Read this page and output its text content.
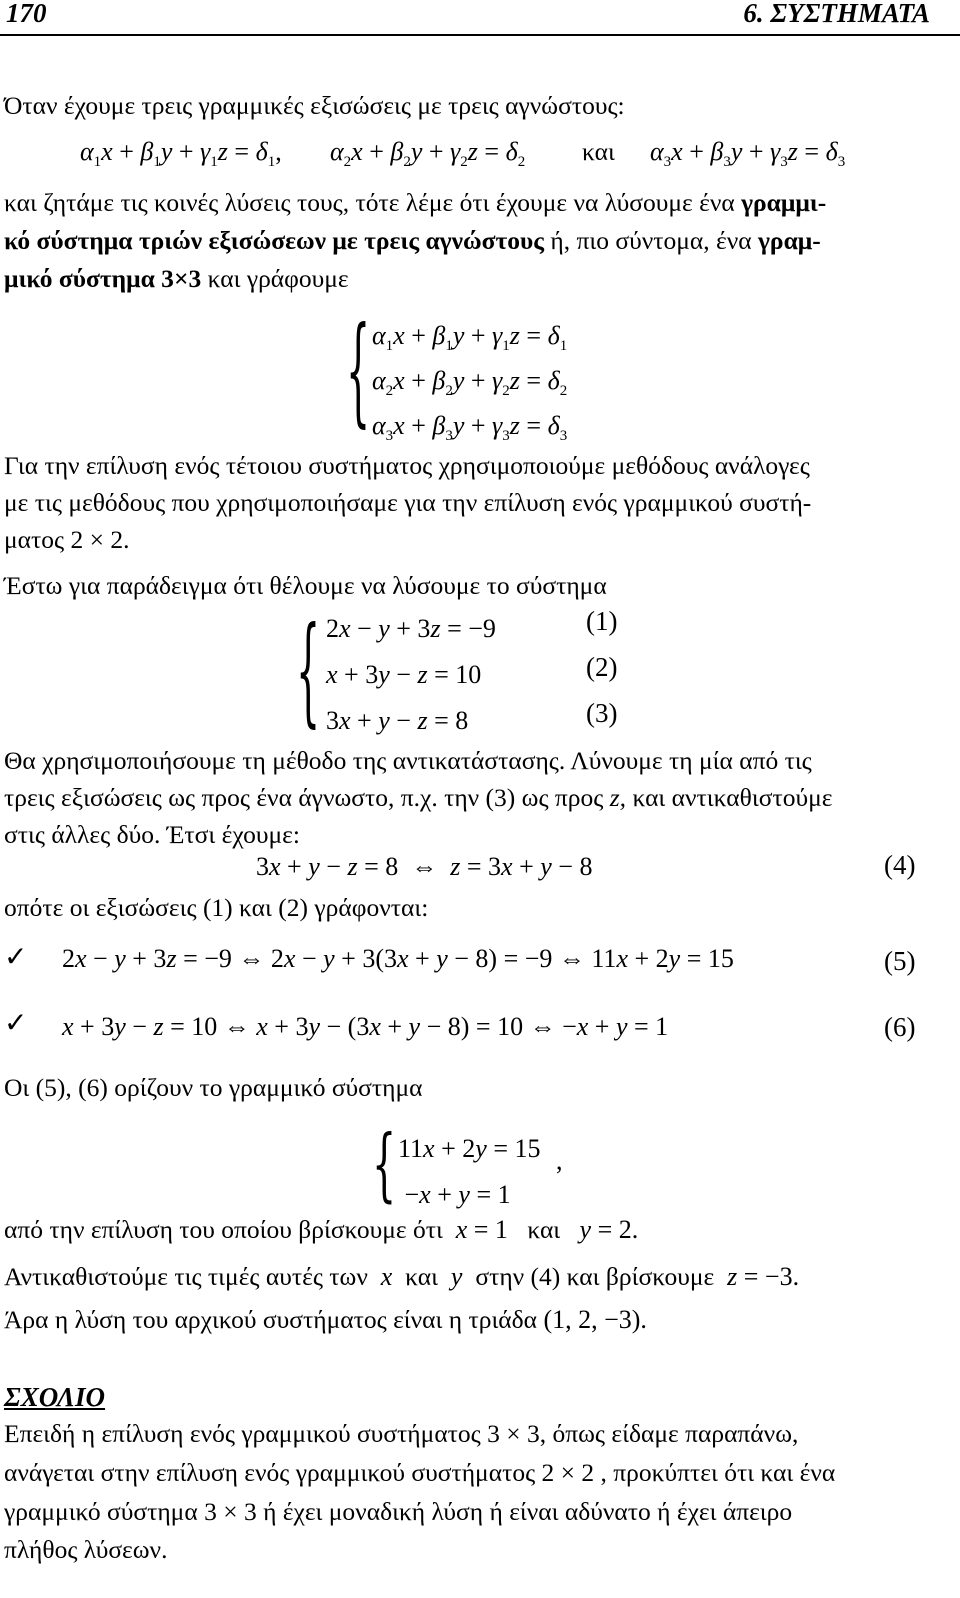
170	6. ΣΥΣΤΗΜΑΤΑ
Όταν έχουμε τρεις γραμμικές εξισώσεις με τρεις αγνώστους:
$\alpha_1x + \beta_1y + \gamma_1z = \delta_1$, $\alpha_2x + \beta_2y + \gamma_2z = \delta_2$ και $\alpha_3x + \beta_3y + \gamma_3z = \delta_3$
και ζητάμε τις κοινές λύσεις τους, τότε λέμε ότι έχουμε να λύσουμε ένα γραμμι-
κό σύστημα τριών εξισώσεων με τρεις αγνώστους ή, πιο σύντομα, ένα γραμ-
μικό σύστημα 3×3 και γράφουμε
{ $\alpha_1x + \beta_1y + \gamma_1z = \delta_1$
$\alpha_2x + \beta_2y + \gamma_2z = \delta_2$
$\alpha_3x + \beta_3y + \gamma_3z = \delta_3$
Για την επίλυση ενός τέτοιου συστήματος χρησιμοποιούμε μεθόδους ανάλογες
με τις μεθόδους που χρησιμοποιήσαμε για την επίλυση ενός γραμμικού συστή-
ματος 2 × 2.
Έστω για παράδειγμα ότι θέλουμε να λύσουμε το σύστημα
{ 2x − y + 3z = −9
x + 3y − z = 10
3x + y − z = 8
(1)
(2)
(3)
Θα χρησιμοποιήσουμε τη μέθοδο της αντικατάστασης. Λύνουμε τη μία από τις
τρεις εξισώσεις ως προς ένα άγνωστο, π.χ. την (3) ως προς z, και αντικαθιστούμε
στις άλλες δύο. Έτσι έχουμε:
3x + y − z = 8  ⇔  z = 3x + y − 8	(4)
οπότε οι εξισώσεις (1) και (2) γράφονται:
✓ 2x − y + 3z = −9 ⇔ 2x − y + 3(3x + y − 8) = −9 ⇔ 11x + 2y = 15	(5)
✓ x + 3y − z = 10 ⇔ x + 3y − (3x + y − 8) = 10 ⇔ −x + y = 1	(6)
Οι (5), (6) ορίζουν το γραμμικό σύστημα
{ 11x + 2y = 15
−x + y = 1
,
από την επίλυση του οποίου βρίσκουμε ότι x = 1   και y = 2.
Αντικαθιστούμε τις τιμές αυτές των x και y στην (4) και βρίσκουμε z = −3.
Άρα η λύση του αρχικού συστήματος είναι η τριάδα (1, 2, −3).
ΣΧΟΛΙΟ
Επειδή η επίλυση ενός γραμμικού συστήματος 3 × 3, όπως είδαμε παραπάνω,
ανάγεται στην επίλυση ενός γραμμικού συστήματος 2 × 2 , προκύπτει ότι και ένα
γραμμικό σύστημα 3 × 3 ή έχει μοναδική λύση ή είναι αδύνατο ή έχει άπειρο
πλήθος λύσεων.
